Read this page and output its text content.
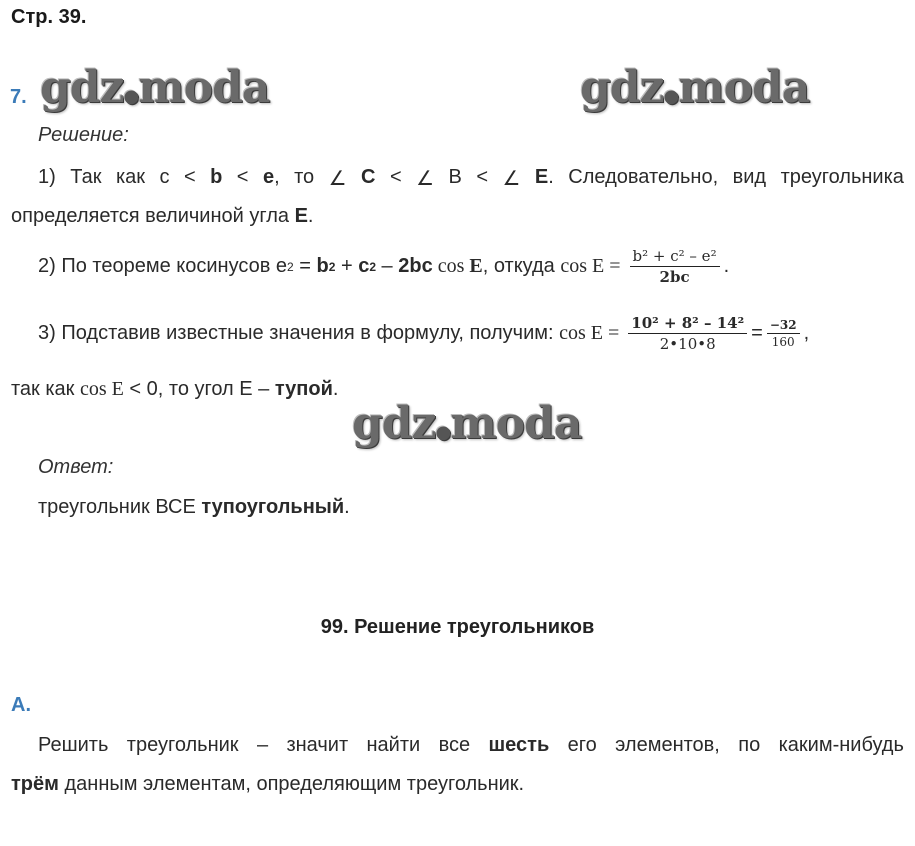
Стр. 39.
gdz●moda	gdz●moda
gdz●moda
7.
Решение:
1) Так как c < b < e, то ∠ C < ∠ B < ∠ E. Следовательно, вид треугольника
определяется величиной угла E.
2) По теореме косинусов e 2 = b 2 + c 2 – 2bc cos E , откуда $\cos E = \frac{\text{b² + c² – e²}}{2bc}$ .
3) Подставив известные значения в формулу, получим: $\cos E = \frac{\text{10² + 8² – 14²}}{2•10•8} = \frac{-32}{160}$ ,
так как cos E < 0, то угол Е – тупой.
Ответ:
треугольник ВСЕ тупоугольный.
99. Решение треугольников
А.
Решить треугольник – значит найти все шесть его элементов, по каким-нибудь
трём данным элементам, определяющим треугольник.
